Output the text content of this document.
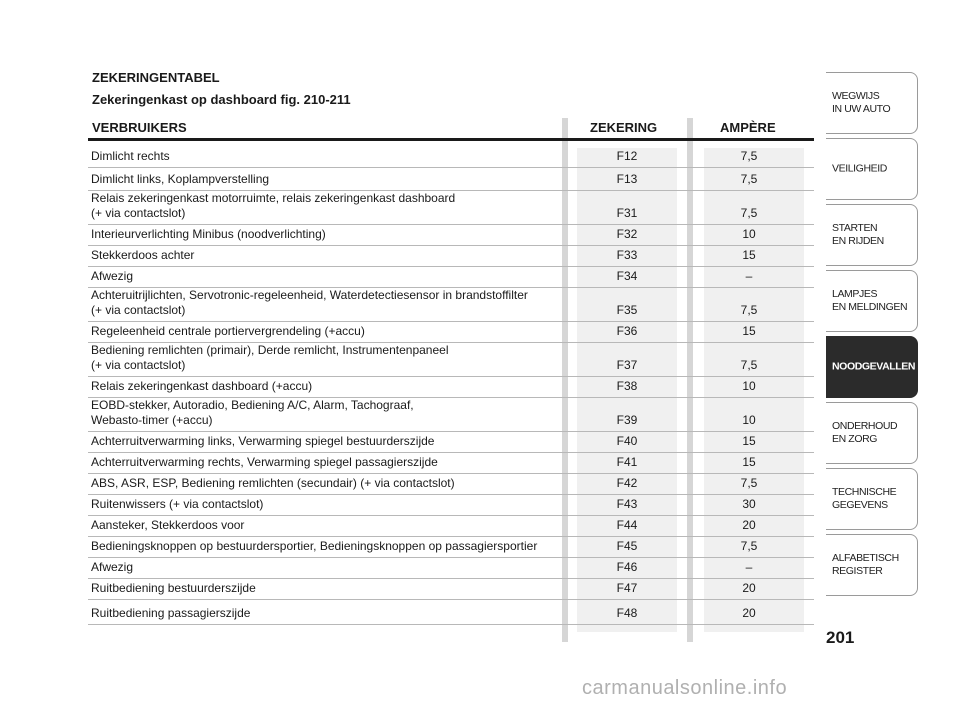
ZEKERINGENTABEL
Zekeringenkast op dashboard fig. 210-211
VERBRUIKERS	ZEKERING	AMPÈRE
Dimlicht rechts	F12	7,5
Dimlicht links, Koplampverstelling	F13	7,5
Relais zekeringenkast motorruimte, relais zekeringenkast dashboard
(+ via contactslot)	F31	7,5
Interieurverlichting Minibus (noodverlichting)	F32	10
Stekkerdoos achter	F33	15
Afwezig	F34	–
Achteruitrijlichten, Servotronic-regeleenheid, Waterdetectiesensor in brandstoffilter
(+ via contactslot)	F35	7,5
Regeleenheid centrale portiervergrendeling (+accu)	F36	15
Bediening remlichten (primair), Derde remlicht, Instrumentenpaneel
(+ via contactslot)	F37	7,5
Relais zekeringenkast dashboard (+accu)	F38	10
EOBD-stekker, Autoradio, Bediening A/C, Alarm, Tachograaf,
Webasto-timer (+accu)	F39	10
Achterruitverwarming links, Verwarming spiegel bestuurderszijde	F40	15
Achterruitverwarming rechts, Verwarming spiegel passagierszijde	F41	15
ABS, ASR, ESP, Bediening remlichten (secundair) (+ via contactslot)	F42	7,5
Ruitenwissers (+ via contactslot)	F43	30
Aansteker, Stekkerdoos voor	F44	20
Bedieningsknoppen op bestuurdersportier, Bedieningsknoppen op passagiersportier	F45	7,5
Afwezig	F46	–
Ruitbediening bestuurderszijde	F47	20
Ruitbediening passagierszijde	F48	20
WEGWIJS
IN UW AUTO
VEILIGHEID
STARTEN
EN RIJDEN
LAMPJES
EN MELDINGEN
NOODGEVALLEN
ONDERHOUD
EN ZORG
TECHNISCHE
GEGEVENS
ALFABETISCH
REGISTER
201
carmanualsonline.info
